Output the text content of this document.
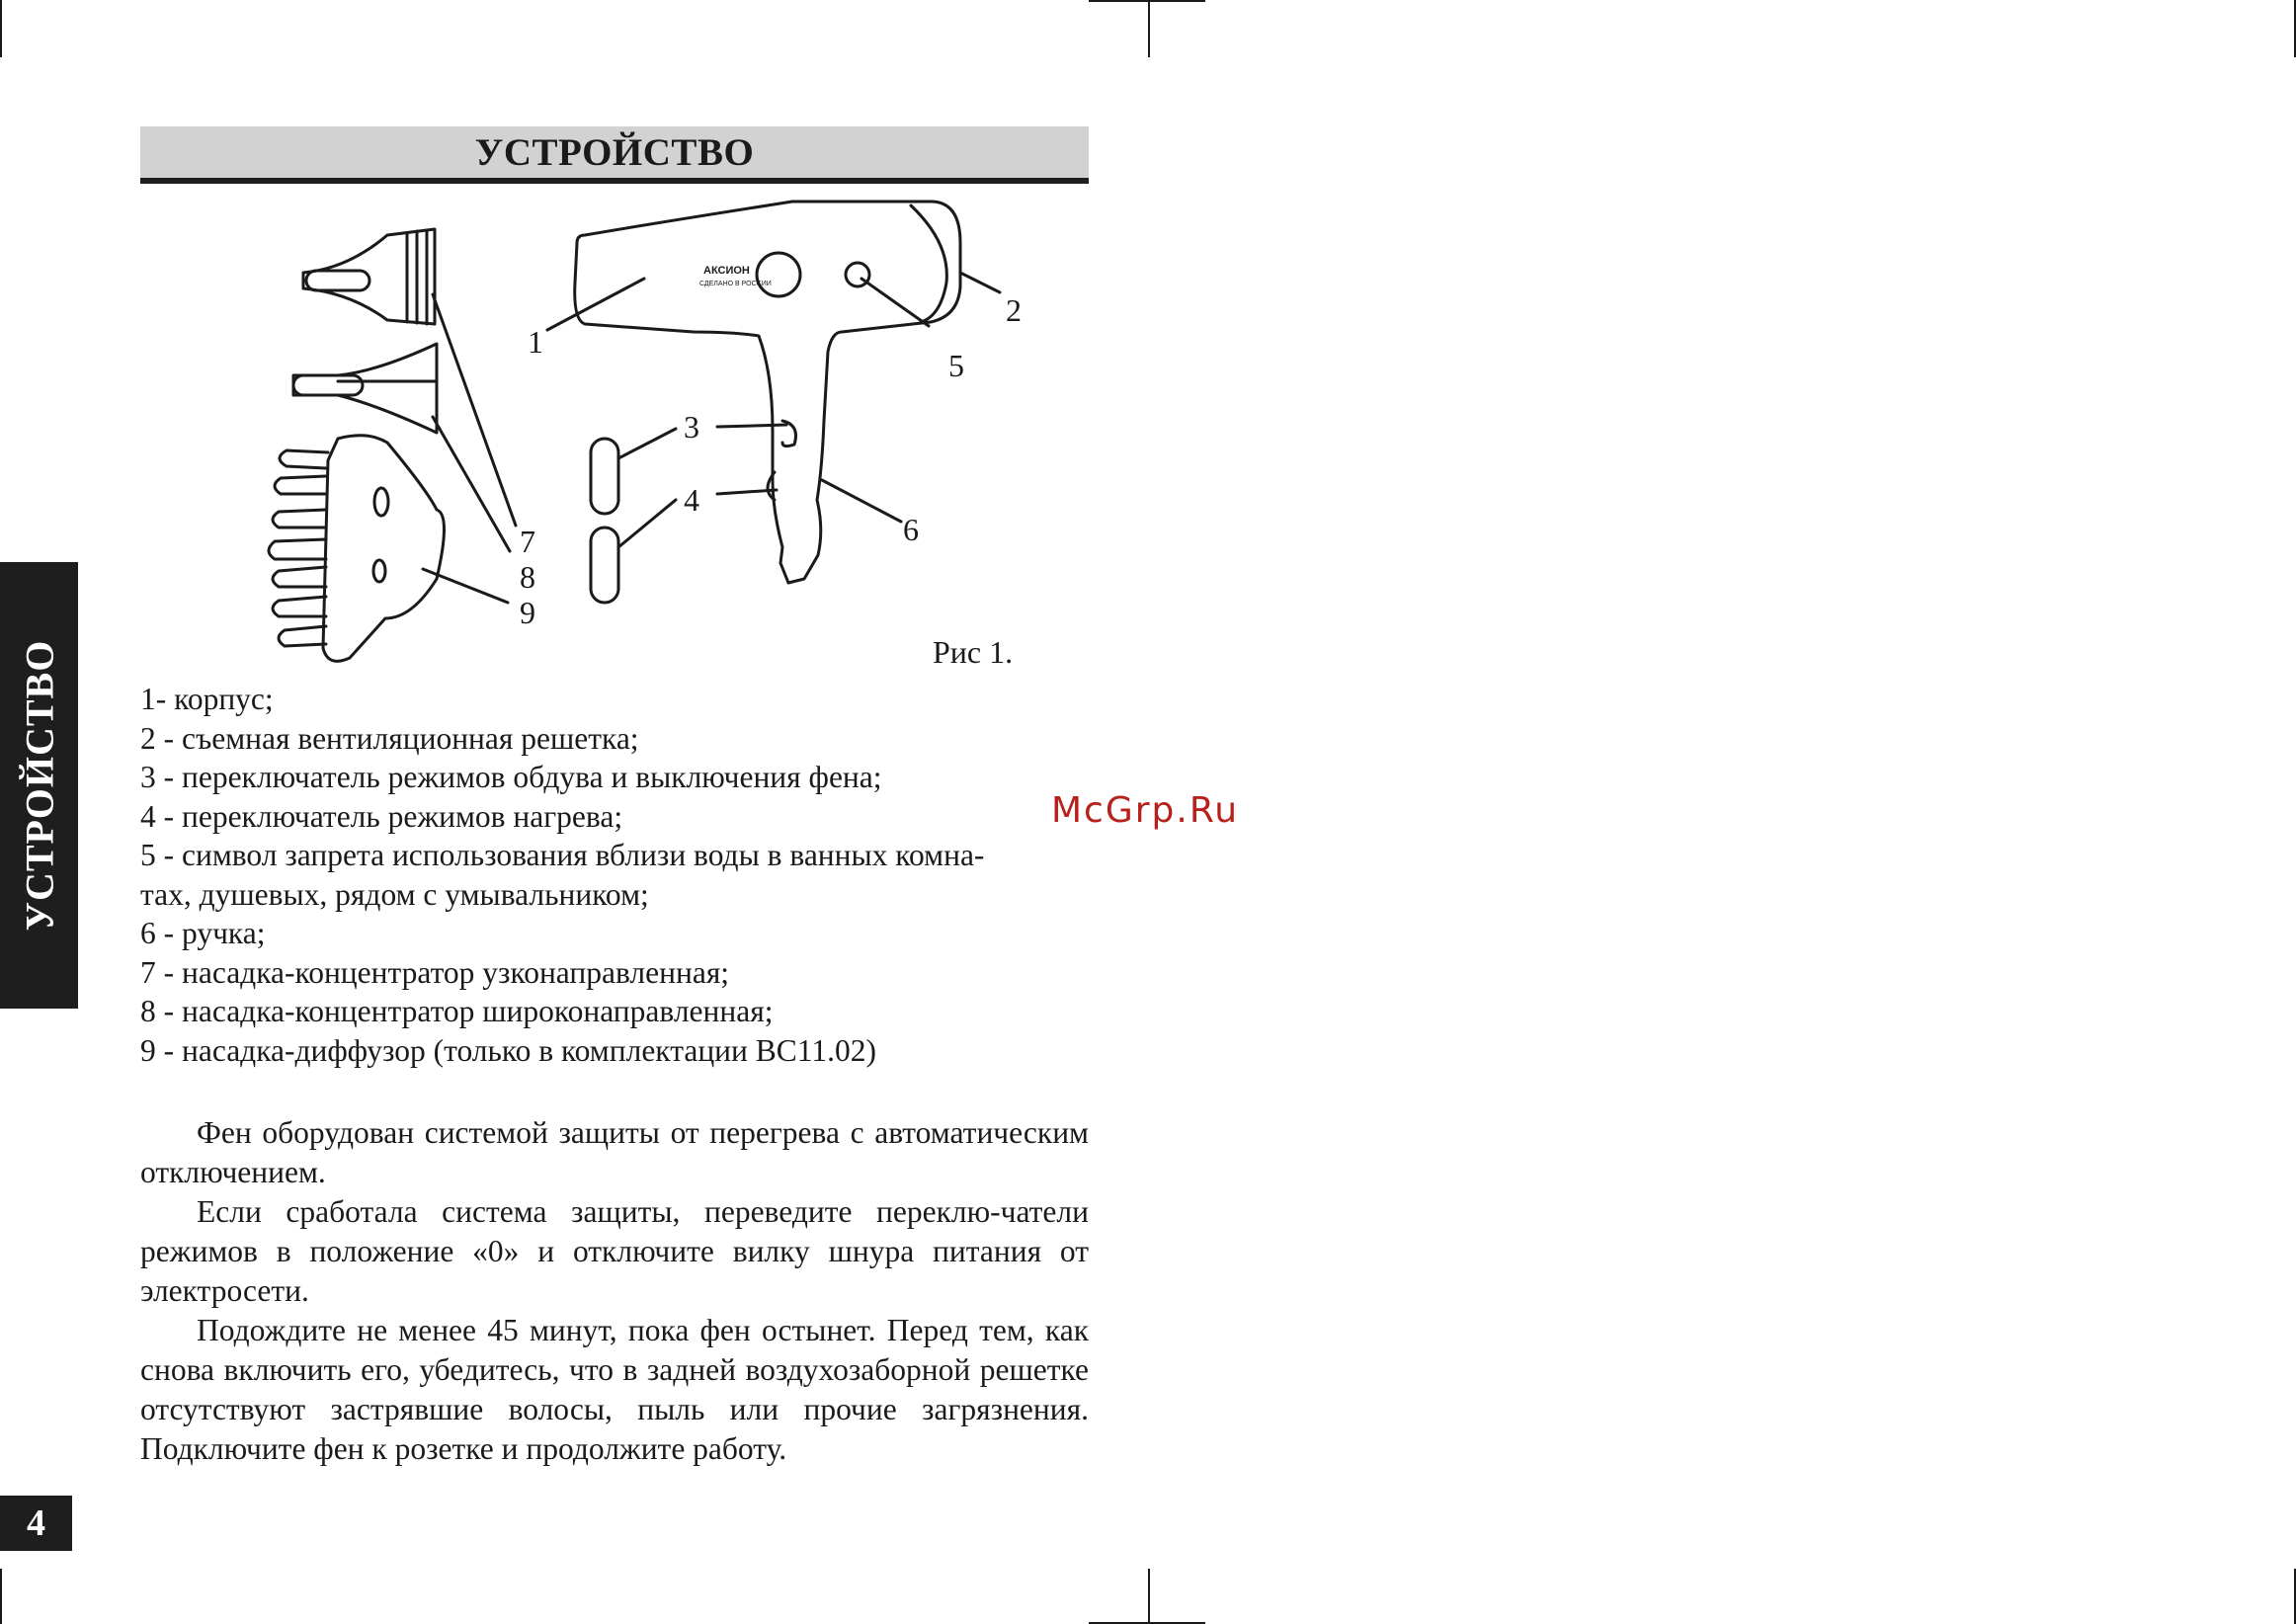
УСТРОЙСТВО
4
УСТРОЙСТВО
АКСИОН
СДЕЛАНО В РОССИИ
1
2
3
4
5
6
7
8
9
Рис 1.
1- корпус;
2 - съемная вентиляционная решетка;
3 - переключатель режимов обдува и выключения фена;
4 - переключатель режимов нагрева;
5 - символ запрета использования вблизи воды в ванных комна-
тах, душевых, рядом с умывальником;
6 - ручка;
7 - насадка-концентратор узконаправленная;
8 - насадка-концентратор широконаправленная;
9 - насадка-диффузор (только в комплектации ВС11.02)

Фен оборудован системой защиты от перегрева с автоматическим отключением.

Если сработала система защиты, переведите переклю-чатели режимов в положение «0» и отключите вилку шнура питания от электросети.

Подождите не менее 45 минут, пока фен остынет. Перед тем, как снова включить его, убедитесь, что в задней воздухозаборной решетке отсутствуют застрявшие волосы, пыль или прочие загрязнения. Подключите фен к розетке и продолжите работу.

McGrp.Ru
